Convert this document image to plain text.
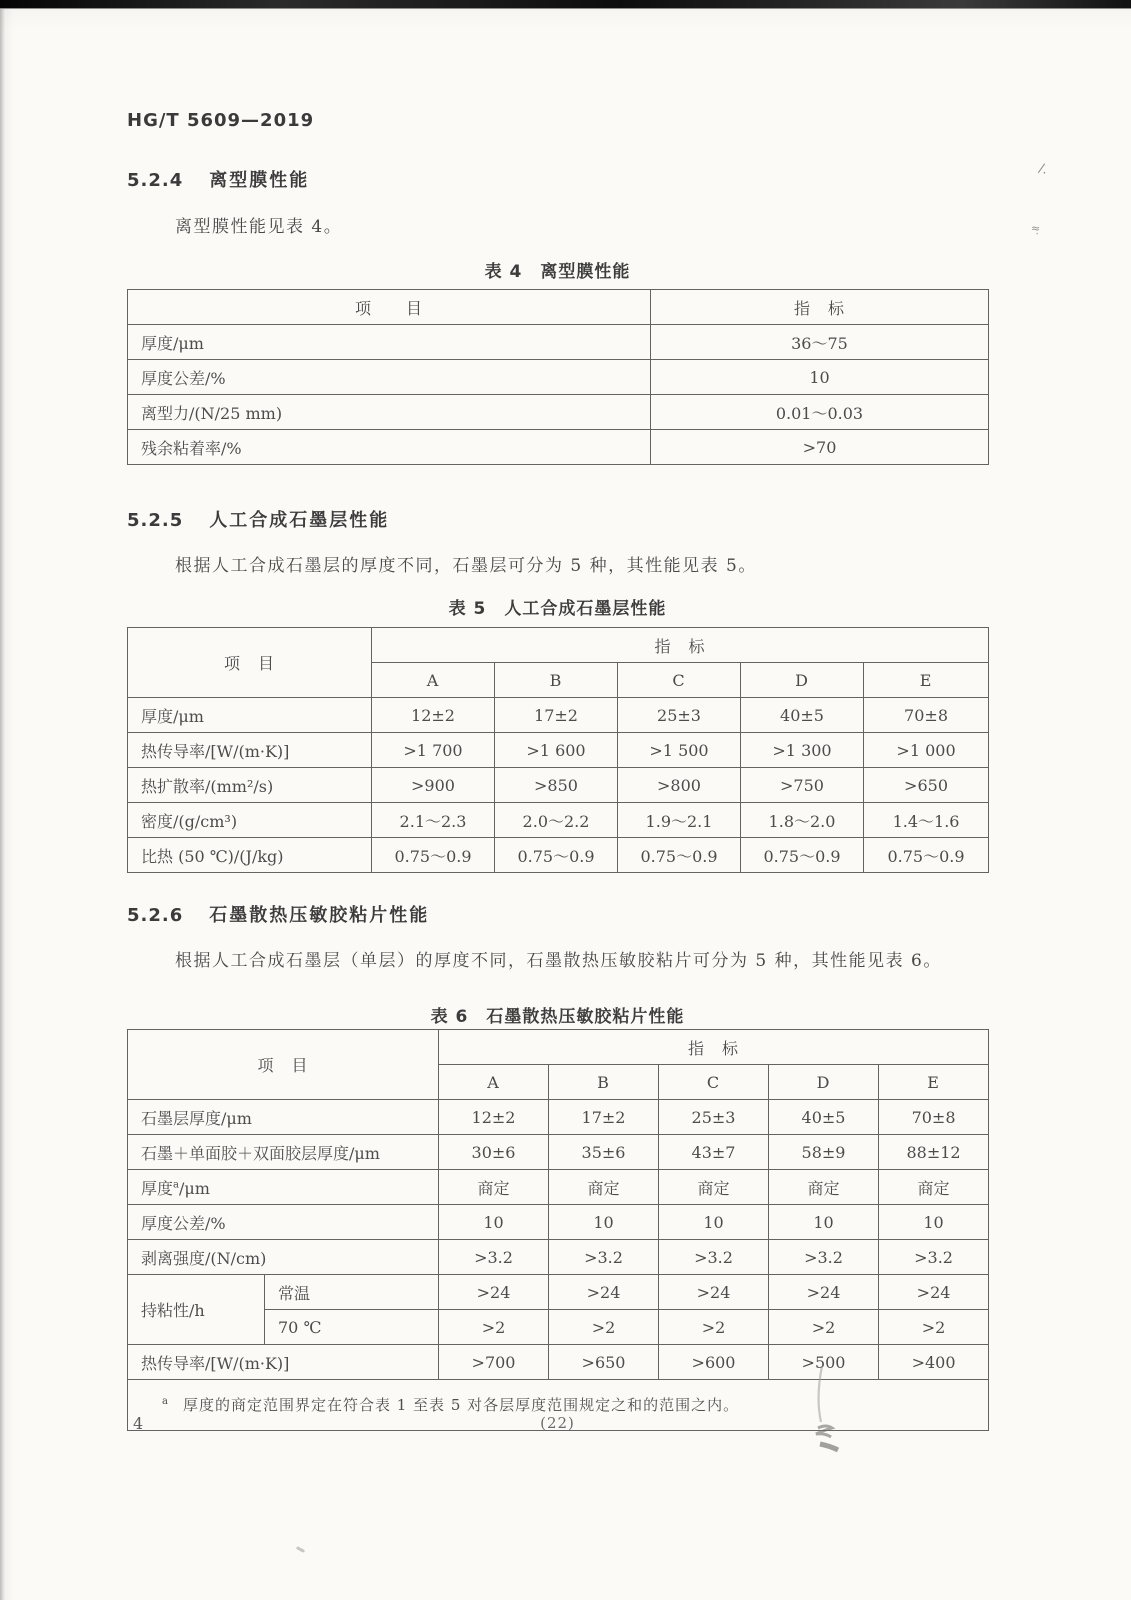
HG/T 5609—2019
5.2.4 离型膜性能
离型膜性能见表 4。
表 4　离型膜性能
项　　目	指　标
厚度/μm	36～75
厚度公差/%	10
离型力/(N/25 mm)	0.01～0.03
残余粘着率/%	>70
5.2.5 人工合成石墨层性能
根据人工合成石墨层的厚度不同，石墨层可分为 5 种，其性能见表 5。
表 5　人工合成石墨层性能
项　目	指　标				
	A	B	C	D	E
厚度/μm	12±2	17±2	25±3	40±5	70±8
热传导率/[W/(m·K)]	>1 700	>1 600	>1 500	>1 300	>1 000
热扩散率/(mm²/s)	>900	>850	>800	>750	>650
密度/(g/cm³)	2.1～2.3	2.0～2.2	1.9～2.1	1.8～2.0	1.4～1.6
比热 (50 ℃)/(J/kg)	0.75～0.9	0.75～0.9	0.75～0.9	0.75～0.9	0.75～0.9
5.2.6 石墨散热压敏胶粘片性能
根据人工合成石墨层（单层）的厚度不同，石墨散热压敏胶粘片可分为 5 种，其性能见表 6。
表 6　石墨散热压敏胶粘片性能
项　目		指　标				
		A	B	C	D	E
石墨层厚度/μm		12±2	17±2	25±3	40±5	70±8
石墨＋单面胶＋双面胶层厚度/μm		30±6	35±6	43±7	58±9	88±12
厚度$^a$/μm		商定	商定	商定	商定	商定
厚度公差/%		10	10	10	10	10
剥离强度/(N/cm)		>3.2	>3.2	>3.2	>3.2	>3.2
持粘性/h	常温	>24	>24	>24	>24	>24
	70 ℃	>2	>2	>2	>2	>2
热传导率/[W/(m·K)]		>700	>650	>600	>500	>400
$^a$ 厚度的商定范围界定在符合表 1 至表 5 对各层厚度范围规定之和的范围之内。						
4	(22)
∕.
≈̣
